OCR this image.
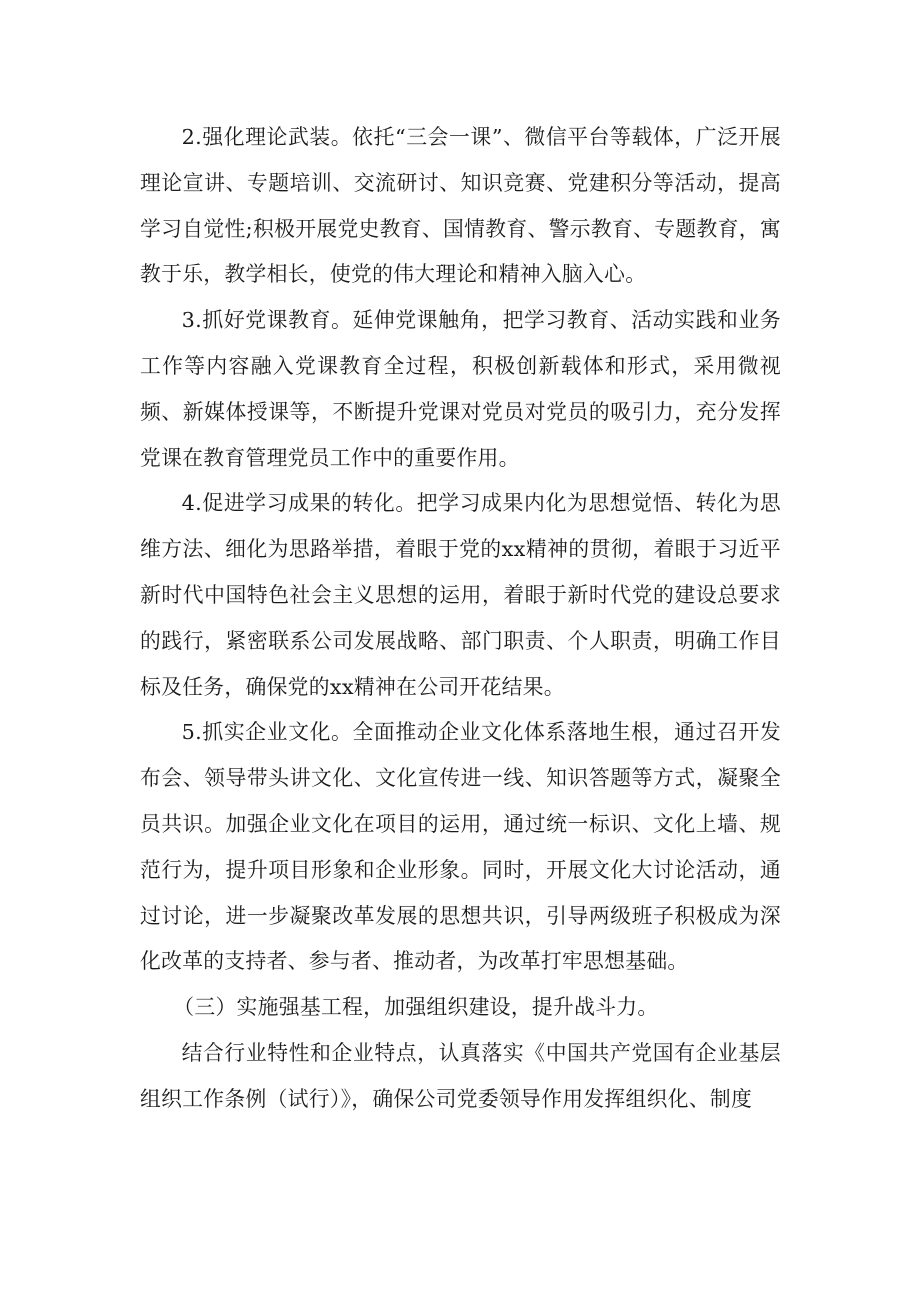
2.强化理论武装。依托“三会一课”、微信平台等载体，广泛开展理论宣讲、专题培训、交流研讨、知识竞赛、党建积分等活动，提高学习自觉性;积极开展党史教育、国情教育、警示教育、专题教育，寓教于乐，教学相长，使党的伟大理论和精神入脑入心。

3.抓好党课教育。延伸党课触角，把学习教育、活动实践和业务工作等内容融入党课教育全过程，积极创新载体和形式，采用微视频、新媒体授课等，不断提升党课对党员对党员的吸引力，充分发挥党课在教育管理党员工作中的重要作用。

4.促进学习成果的转化。把学习成果内化为思想觉悟、转化为思维方法、细化为思路举措，着眼于党的xx精神的贯彻，着眼于习近平新时代中国特色社会主义思想的运用，着眼于新时代党的建设总要求的践行，紧密联系公司发展战略、部门职责、个人职责，明确工作目标及任务，确保党的xx精神在公司开花结果。

5.抓实企业文化。全面推动企业文化体系落地生根，通过召开发布会、领导带头讲文化、文化宣传进一线、知识答题等方式，凝聚全员共识。加强企业文化在项目的运用，通过统一标识、文化上墙、规范行为，提升项目形象和企业形象。同时，开展文化大讨论活动，通过讨论，进一步凝聚改革发展的思想共识，引导两级班子积极成为深化改革的支持者、参与者、推动者，为改革打牢思想基础。

（三）实施强基工程，加强组织建设，提升战斗力。

结合行业特性和企业特点，认真落实《中国共产党国有企业基层组织工作条例（试行）》，确保公司党委领导作用发挥组织化、制度
